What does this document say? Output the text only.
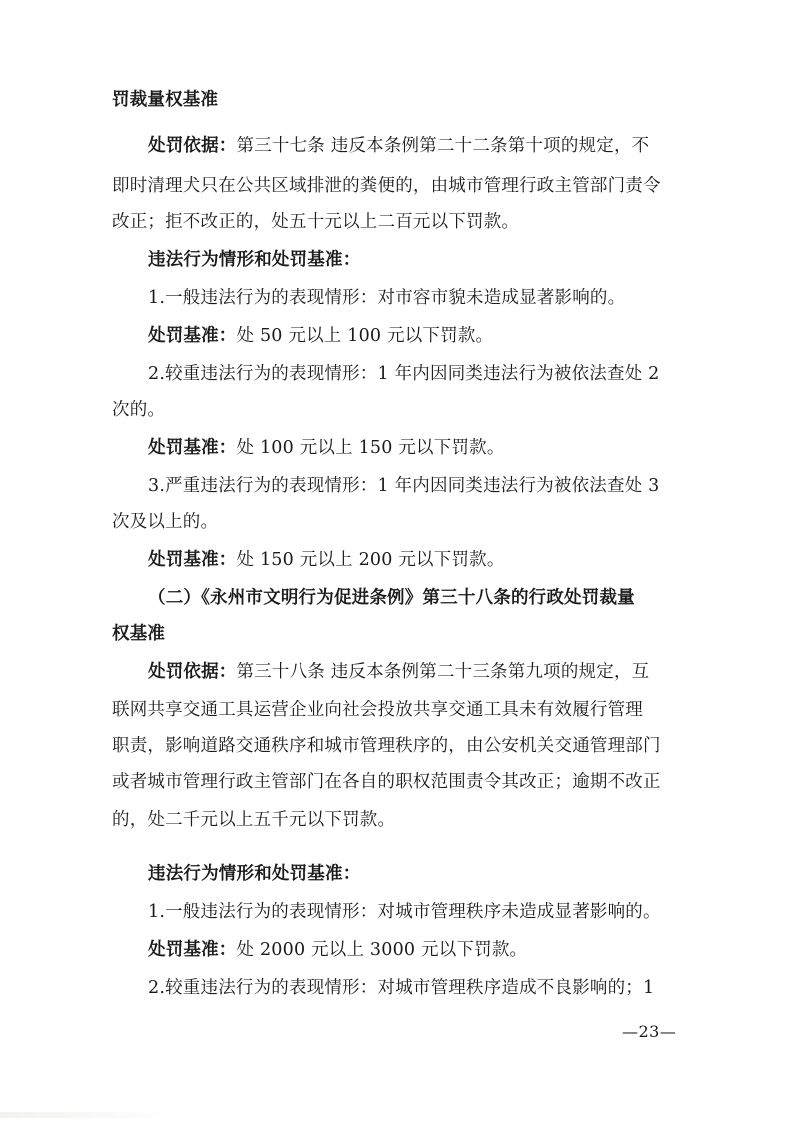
罚裁量权基准
处罚依据：第三十七条 违反本条例第二十二条第十项的规定，不
即时清理犬只在公共区域排泄的粪便的，由城市管理行政主管部门责令
改正；拒不改正的，处五十元以上二百元以下罚款。
违法行为情形和处罚基准：
1.一般违法行为的表现情形：对市容市貌未造成显著影响的。
处罚基准：处 50 元以上 100 元以下罚款。
2.较重违法行为的表现情形：1 年内因同类违法行为被依法查处 2
次的。
处罚基准：处 100 元以上 150 元以下罚款。
3.严重违法行为的表现情形：1 年内因同类违法行为被依法查处 3
次及以上的。
处罚基准：处 150 元以上 200 元以下罚款。
（二）《永州市文明行为促进条例》第三十八条的行政处罚裁量
权基准
处罚依据：第三十八条 违反本条例第二十三条第九项的规定，互
联网共享交通工具运营企业向社会投放共享交通工具未有效履行管理
职责，影响道路交通秩序和城市管理秩序的，由公安机关交通管理部门
或者城市管理行政主管部门在各自的职权范围责令其改正；逾期不改正
的，处二千元以上五千元以下罚款。
违法行为情形和处罚基准：
1.一般违法行为的表现情形：对城市管理秩序未造成显著影响的。
处罚基准：处 2000 元以上 3000 元以下罚款。
2.较重违法行为的表现情形：对城市管理秩序造成不良影响的；1
—23—
